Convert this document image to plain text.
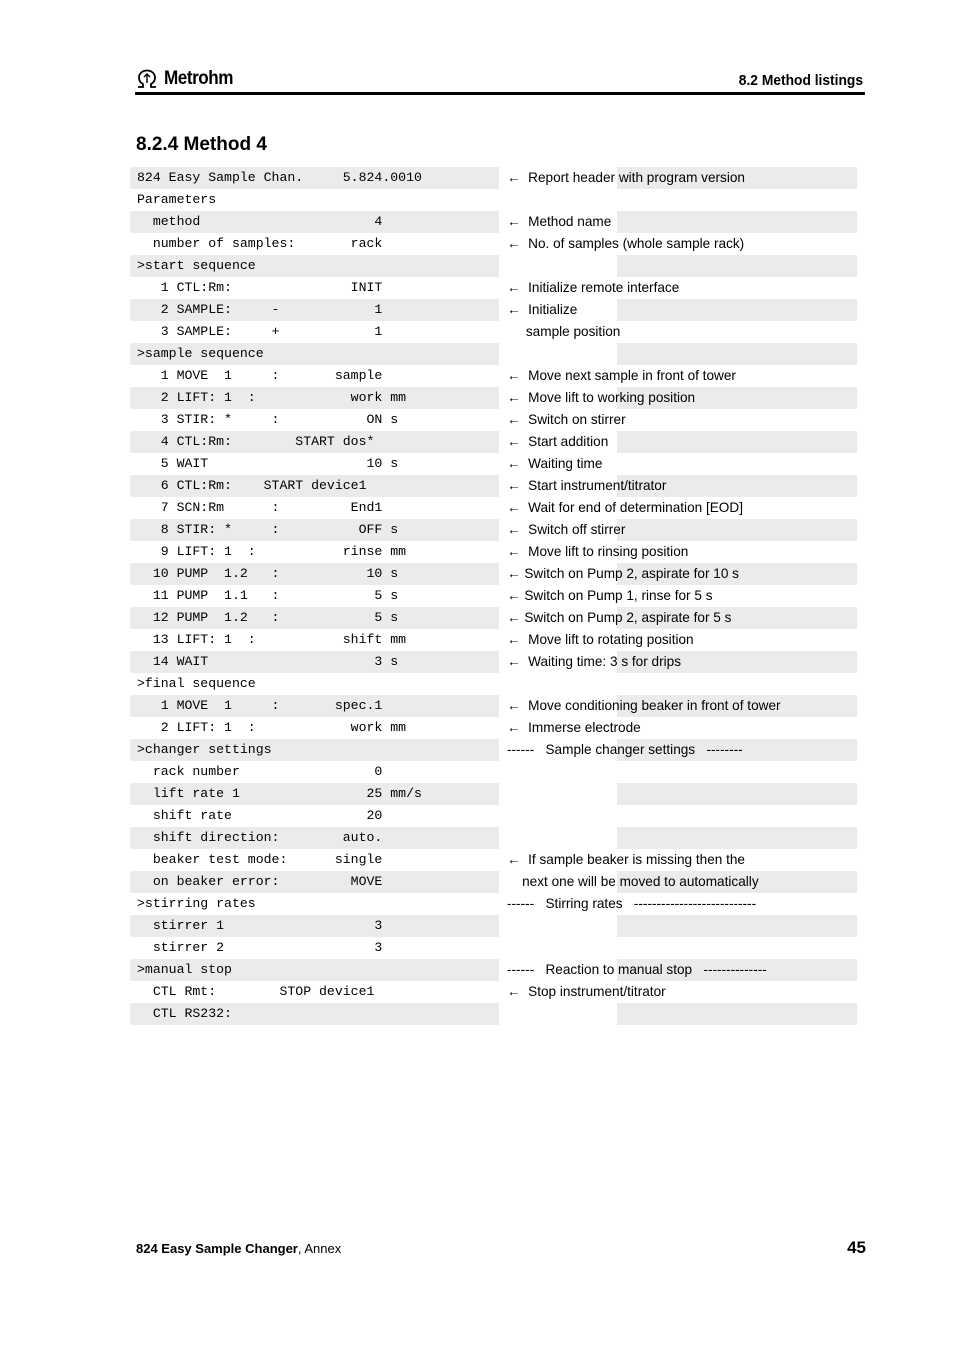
Metrohm	8.2 Method listings
8.2.4 Method 4
824 Easy Sample Chan.     5.824.0010	←  Report header with program version
Parameters
method                      4	←  Method name
number of samples:       rack	←  No. of samples (whole sample rack)
>start sequence
1 CTL:Rm:               INIT	←  Initialize remote interface
2 SAMPLE:     -            1	←  Initialize
3 SAMPLE:     +            1	sample position
>sample sequence
1 MOVE  1     :       sample	←  Move next sample in front of tower
2 LIFT: 1  :            work mm	←  Move lift to working position
3 STIR: *     :           ON s	←  Switch on stirrer
4 CTL:Rm:        START dos*	←  Start addition
5 WAIT                    10 s	←  Waiting time
6 CTL:Rm:    START device1	←  Start instrument/titrator
7 SCN:Rm      :         End1	←  Wait for end of determination [EOD]
8 STIR: *     :          OFF s	←  Switch off stirrer
9 LIFT: 1  :           rinse mm	←  Move lift to rinsing position
10 PUMP  1.2   :           10 s	← Switch on Pump 2, aspirate for 10 s
11 PUMP  1.1   :            5 s	← Switch on Pump 1, rinse for 5 s
12 PUMP  1.2   :            5 s	← Switch on Pump 2, aspirate for 5 s
13 LIFT: 1  :           shift mm	←  Move lift to rotating position
14 WAIT                     3 s	←  Waiting time: 3 s for drips
>final sequence
1 MOVE  1     :       spec.1	←  Move conditioning beaker in front of tower
2 LIFT: 1  :            work mm	←  Immerse electrode
>changer settings	------   Sample changer settings   --------
rack number                 0
lift rate 1                25 mm/s
shift rate                 20
shift direction:        auto.
beaker test mode:      single	←  If sample beaker is missing then the
on beaker error:         MOVE	next one will be moved to automatically
>stirring rates	------   Stirring rates   ---------------------------
stirrer 1                   3
stirrer 2                   3
>manual stop	------   Reaction to manual stop   --------------
CTL Rmt:        STOP device1	←  Stop instrument/titrator
CTL RS232:
824 Easy Sample Changer, Annex	45
